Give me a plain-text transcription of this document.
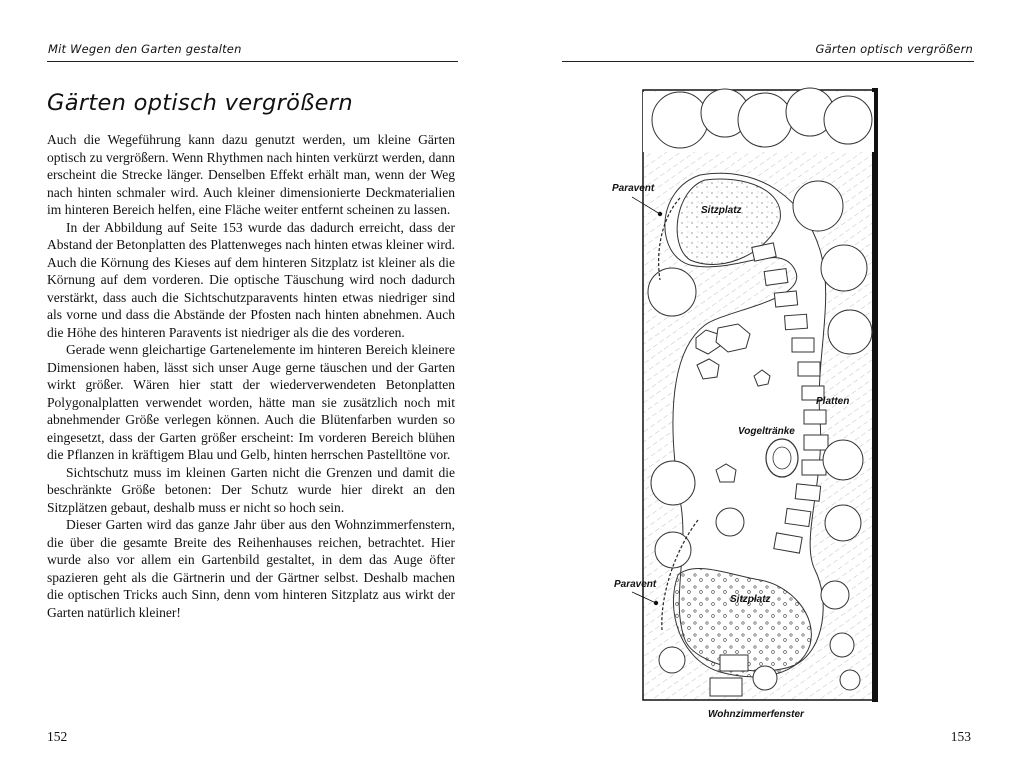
Mit Wegen den Garten gestalten
Gärten optisch vergrößern

Auch die Wegeführung kann dazu genutzt werden, um kleine Gärten optisch zu vergrößern. Wenn Rhythmen nach hinten verkürzt werden, dann erscheint die Strecke länger. Denselben Effekt erhält man, wenn der Weg nach hinten schmaler wird. Auch kleiner dimensionierte Deckmaterialien im hinteren Bereich helfen, eine Fläche weiter entfernt scheinen zu lassen.

In der Abbildung auf Seite 153 wurde das dadurch erreicht, dass der Abstand der Betonplatten des Plattenweges nach hinten etwas kleiner wird. Auch die Körnung des Kieses auf dem hinteren Sitzplatz ist kleiner als die Körnung auf dem vorderen. Die optische Täuschung wird noch dadurch verstärkt, dass auch die Sichtschutzparavents hinten etwas niedriger sind als vorne und dass die Abstände der Pfosten nach hinten abnehmen. Auch die Höhe des hinteren Paravents ist niedriger als die des vorderen.

Gerade wenn gleichartige Gartenelemente im hinteren Bereich kleinere Dimensionen haben, lässt sich unser Auge gerne täuschen und der Garten wirkt größer. Wären hier statt der wiederverwendeten Betonplatten Polygonalplatten verwendet worden, hätte man sie zusätzlich noch mit abnehmender Größe verlegen können. Auch die Blütenfarben wurden so eingesetzt, dass der Garten größer erscheint: Im vorderen Bereich blühen die Pflanzen in kräftigem Blau und Gelb, hinten herrschen Pastelltöne vor.

Sichtschutz muss im kleinen Garten nicht die Grenzen und damit die beschränkte Größe betonen: Der Schutz wurde hier direkt an den Sitzplätzen gebaut, deshalb muss er nicht so hoch sein.

Dieser Garten wird das ganze Jahr über aus den Wohnzimmerfenstern, die über die gesamte Breite des Reihenhauses reichen, betrachtet. Hier wurde also vor allem ein Gartenbild gestaltet, in dem das Auge öfter spazieren geht als die Gärtnerin und der Gärtner selbst. Deshalb machen die optischen Tricks auch Sinn, denn vom hinteren Sitzplatz aus wirkt der Garten natürlich kleiner!

152
Gärten optisch vergrößern
Paravent
Sitzplatz
Platten
Vogeltränke
Paravent
Sitzplatz
Wohnzimmerfenster
153
